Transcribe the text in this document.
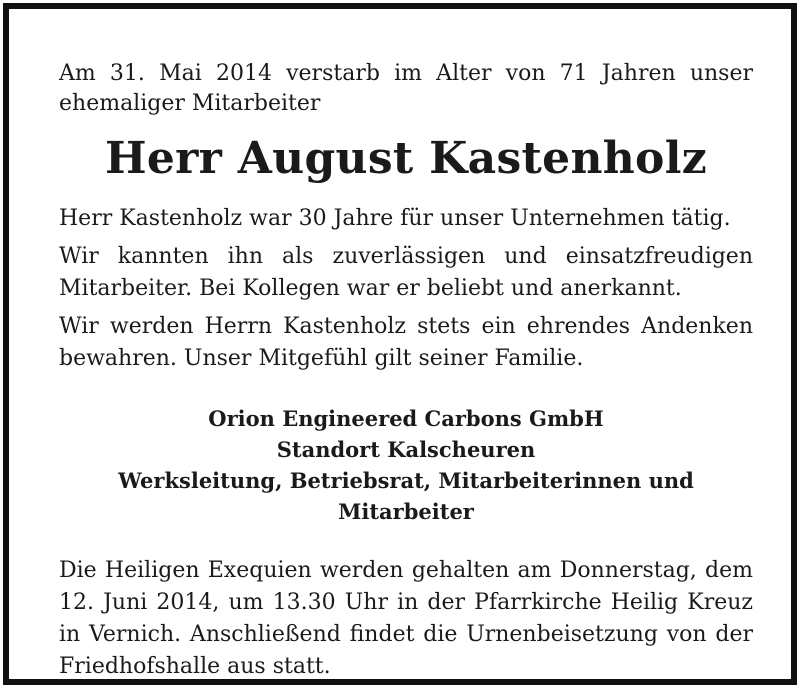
Am 31. Mai 2014 verstarb im Alter von 71 Jahren unser ehemaliger Mitarbeiter

Herr August Kastenholz

Herr Kastenholz war 30 Jahre für unser Unternehmen tätig.

Wir kannten ihn als zuverlässigen und einsatzfreudigen Mitarbeiter. Bei Kollegen war er beliebt und anerkannt.

Wir werden Herrn Kastenholz stets ein ehrendes Andenken bewahren. Unser Mitgefühl gilt seiner Familie.

Orion Engineered Carbons GmbH
Standort Kalscheuren
Werksleitung, Betriebsrat, Mitarbeiterinnen und Mitarbeiter

Die Heiligen Exequien werden gehalten am Donnerstag, dem 12. Juni 2014, um 13.30 Uhr in der Pfarrkirche Heilig Kreuz in Vernich. Anschließend findet die Urnenbeisetzung von der Friedhofshalle aus statt.
